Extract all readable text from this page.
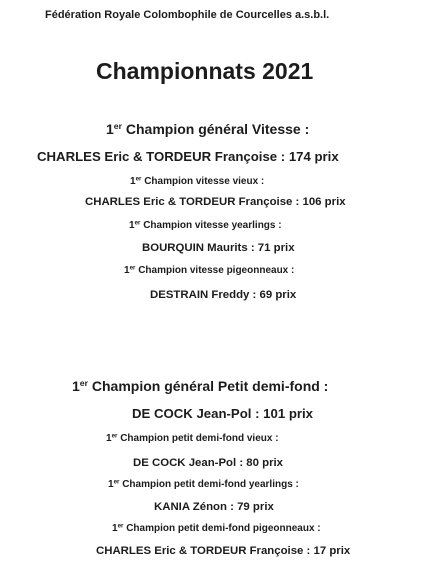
Fédération Royale Colombophile de Courcelles a.s.b.l.
Championnats 2021
1er Champion général Vitesse :
CHARLES Eric & TORDEUR Françoise : 174 prix
1er Champion vitesse vieux :
CHARLES Eric & TORDEUR Françoise : 106 prix
1er Champion vitesse yearlings :
BOURQUIN Maurits : 71 prix
1er Champion vitesse pigeonneaux :
DESTRAIN Freddy : 69 prix
1er Champion général Petit demi-fond :
DE COCK Jean-Pol : 101 prix
1er Champion petit demi-fond vieux :
DE COCK Jean-Pol : 80 prix
1er Champion petit demi-fond yearlings :
KANIA Zénon : 79 prix
1er Champion petit demi-fond pigeonneaux :
CHARLES Eric & TORDEUR Françoise : 17 prix
